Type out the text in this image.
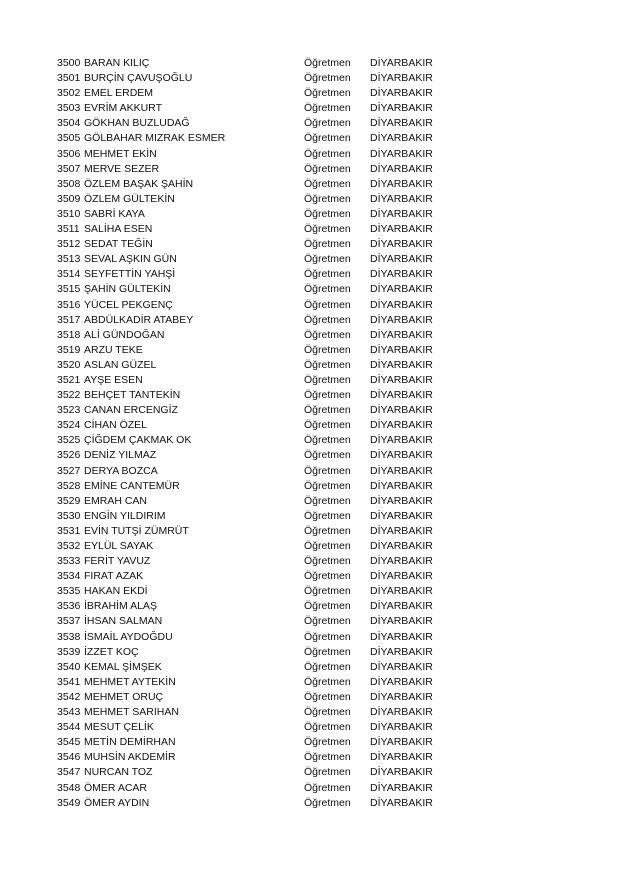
3500 BARAN KILIÇ	Öğretmen DİYARBAKIR
3501 BURÇİN ÇAVUŞOĞLU	Öğretmen DİYARBAKIR
3502 EMEL ERDEM	Öğretmen DİYARBAKIR
3503 EVRİM AKKURT	Öğretmen DİYARBAKIR
3504 GÖKHAN BUZLUDAĞ	Öğretmen DİYARBAKIR
3505 GÖLBAHAR MIZRAK ESMER	Öğretmen DİYARBAKIR
3506 MEHMET EKİN	Öğretmen DİYARBAKIR
3507 MERVE SEZER	Öğretmen DİYARBAKIR
3508 ÖZLEM BAŞAK ŞAHİN	Öğretmen DİYARBAKIR
3509 ÖZLEM GÜLTEKİN	Öğretmen DİYARBAKIR
3510 SABRİ KAYA	Öğretmen DİYARBAKIR
3511 SALİHA ESEN	Öğretmen DİYARBAKIR
3512 SEDAT TEĞİN	Öğretmen DİYARBAKIR
3513 SEVAL AŞKIN GÜN	Öğretmen DİYARBAKIR
3514 SEYFETTİN YAHŞİ	Öğretmen DİYARBAKIR
3515 ŞAHİN GÜLTEKİN	Öğretmen DİYARBAKIR
3516 YÜCEL PEKGENÇ	Öğretmen DİYARBAKIR
3517 ABDÜLKADİR ATABEY	Öğretmen DİYARBAKIR
3518 ALİ GÜNDOĞAN	Öğretmen DİYARBAKIR
3519 ARZU TEKE	Öğretmen DİYARBAKIR
3520 ASLAN GÜZEL	Öğretmen DİYARBAKIR
3521 AYŞE ESEN	Öğretmen DİYARBAKIR
3522 BEHÇET TANTEKİN	Öğretmen DİYARBAKIR
3523 CANAN ERCENGİZ	Öğretmen DİYARBAKIR
3524 CİHAN ÖZEL	Öğretmen DİYARBAKIR
3525 ÇİĞDEM ÇAKMAK OK	Öğretmen DİYARBAKIR
3526 DENİZ YILMAZ	Öğretmen DİYARBAKIR
3527 DERYA BOZCA	Öğretmen DİYARBAKIR
3528 EMİNE CANTEMÜR	Öğretmen DİYARBAKIR
3529 EMRAH CAN	Öğretmen DİYARBAKIR
3530 ENGİN YILDIRIM	Öğretmen DİYARBAKIR
3531 EVİN TUTŞİ ZÜMRÜT	Öğretmen DİYARBAKIR
3532 EYLÜL SAYAK	Öğretmen DİYARBAKIR
3533 FERİT YAVUZ	Öğretmen DİYARBAKIR
3534 FIRAT AZAK	Öğretmen DİYARBAKIR
3535 HAKAN EKDİ	Öğretmen DİYARBAKIR
3536 İBRAHİM ALAŞ	Öğretmen DİYARBAKIR
3537 İHSAN SALMAN	Öğretmen DİYARBAKIR
3538 İSMAİL AYDOĞDU	Öğretmen DİYARBAKIR
3539 İZZET KOÇ	Öğretmen DİYARBAKIR
3540 KEMAL ŞİMŞEK	Öğretmen DİYARBAKIR
3541 MEHMET AYTEKİN	Öğretmen DİYARBAKIR
3542 MEHMET ORUÇ	Öğretmen DİYARBAKIR
3543 MEHMET SARIHAN	Öğretmen DİYARBAKIR
3544 MESUT ÇELİK	Öğretmen DİYARBAKIR
3545 METİN DEMİRHAN	Öğretmen DİYARBAKIR
3546 MUHSİN AKDEMİR	Öğretmen DİYARBAKIR
3547 NURCAN TOZ	Öğretmen DİYARBAKIR
3548 ÖMER ACAR	Öğretmen DİYARBAKIR
3549 ÖMER AYDIN	Öğretmen DİYARBAKIR
